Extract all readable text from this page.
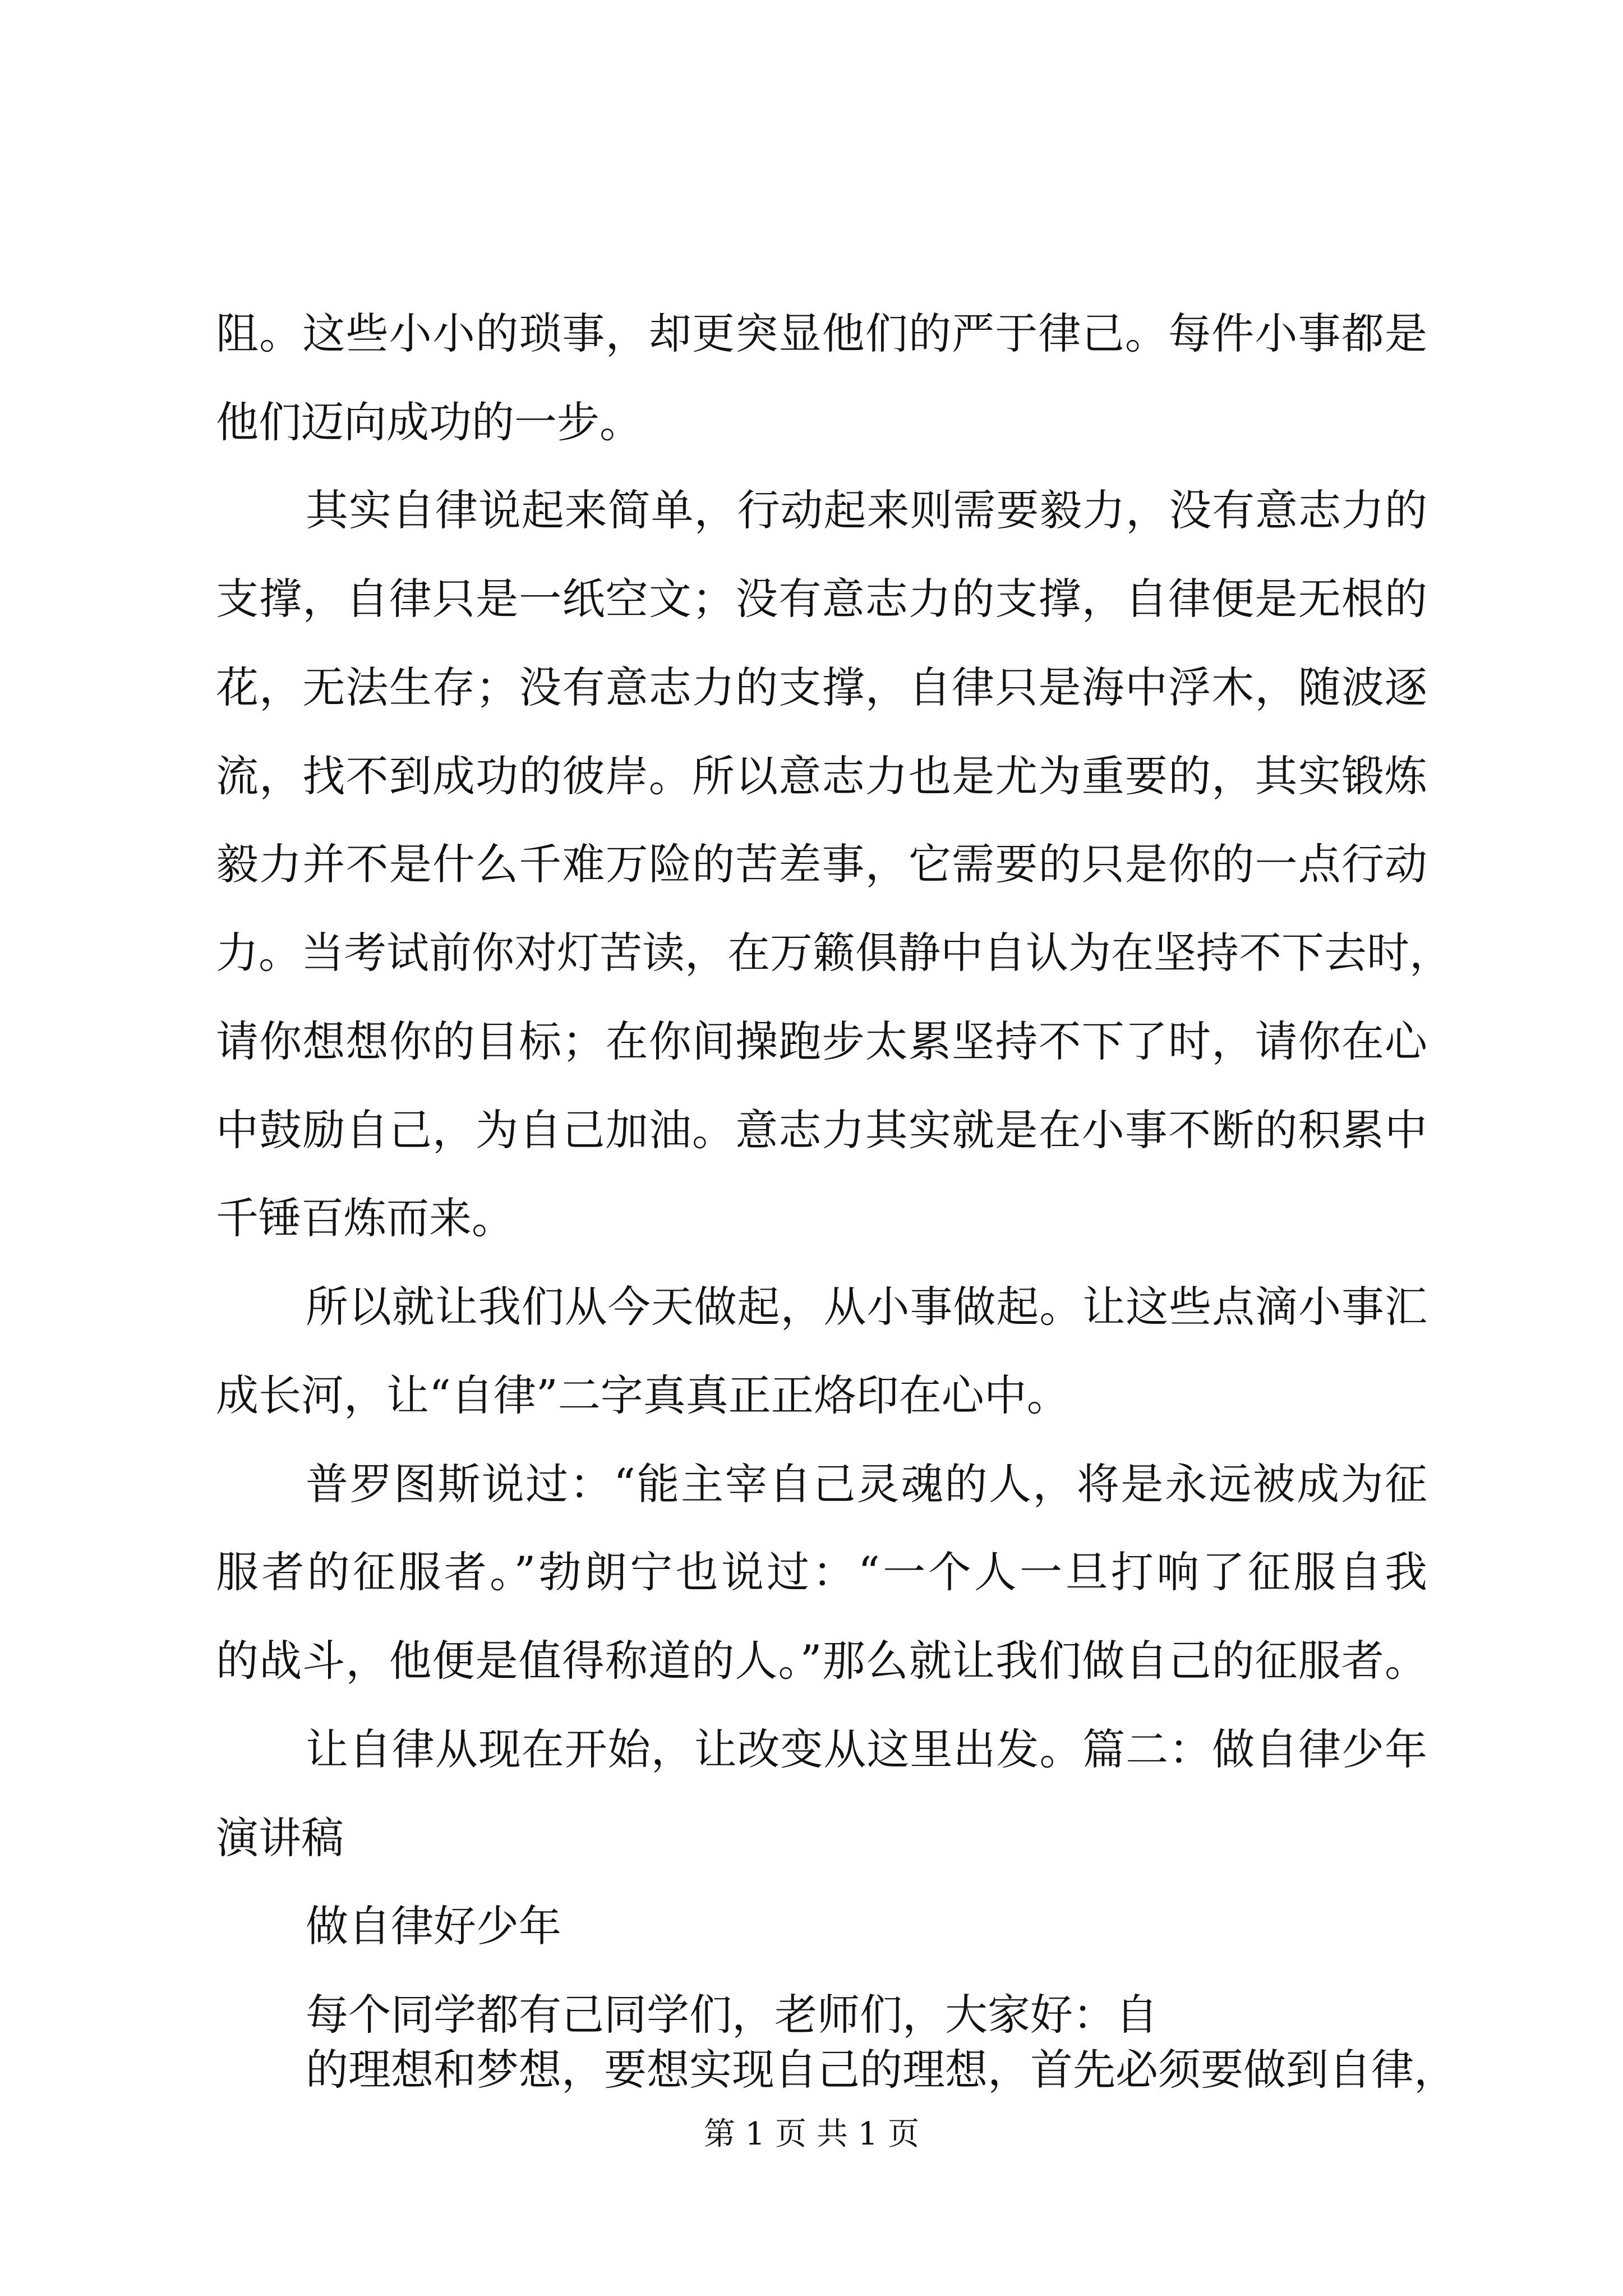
阻。这些小小的琐事，却更突显他们的严于律己。每件小事都是
他们迈向成功的一步。
其实自律说起来简单，行动起来则需要毅力，没有意志力的
支撑，自律只是一纸空文；没有意志力的支撑，自律便是无根的
花，无法生存；没有意志力的支撑，自律只是海中浮木，随波逐
流，找不到成功的彼岸。所以意志力也是尤为重要的，其实锻炼
毅力并不是什么千难万险的苦差事，它需要的只是你的一点行动
力。当考试前你对灯苦读，在万籁俱静中自认为在坚持不下去时，
请你想想你的目标；在你间操跑步太累坚持不下了时，请你在心
中鼓励自己，为自己加油。意志力其实就是在小事不断的积累中
千锤百炼而来。
所以就让我们从今天做起，从小事做起。让这些点滴小事汇
成长河，让“自律”二字真真正正烙印在心中。
普罗图斯说过：“能主宰自己灵魂的人，将是永远被成为征
服者的征服者。”勃朗宁也说过：“一个人一旦打响了征服自我
的战斗，他便是值得称道的人。”那么就让我们做自己的征服者。
让自律从现在开始，让改变从这里出发。篇二：做自律少年
演讲稿
做自律好少年
每个同学都有己同学们，老师们，大家好：自
的理想和梦想，要想实现自己的理想，首先必须要做到自律，
第 1 页 共 1 页
